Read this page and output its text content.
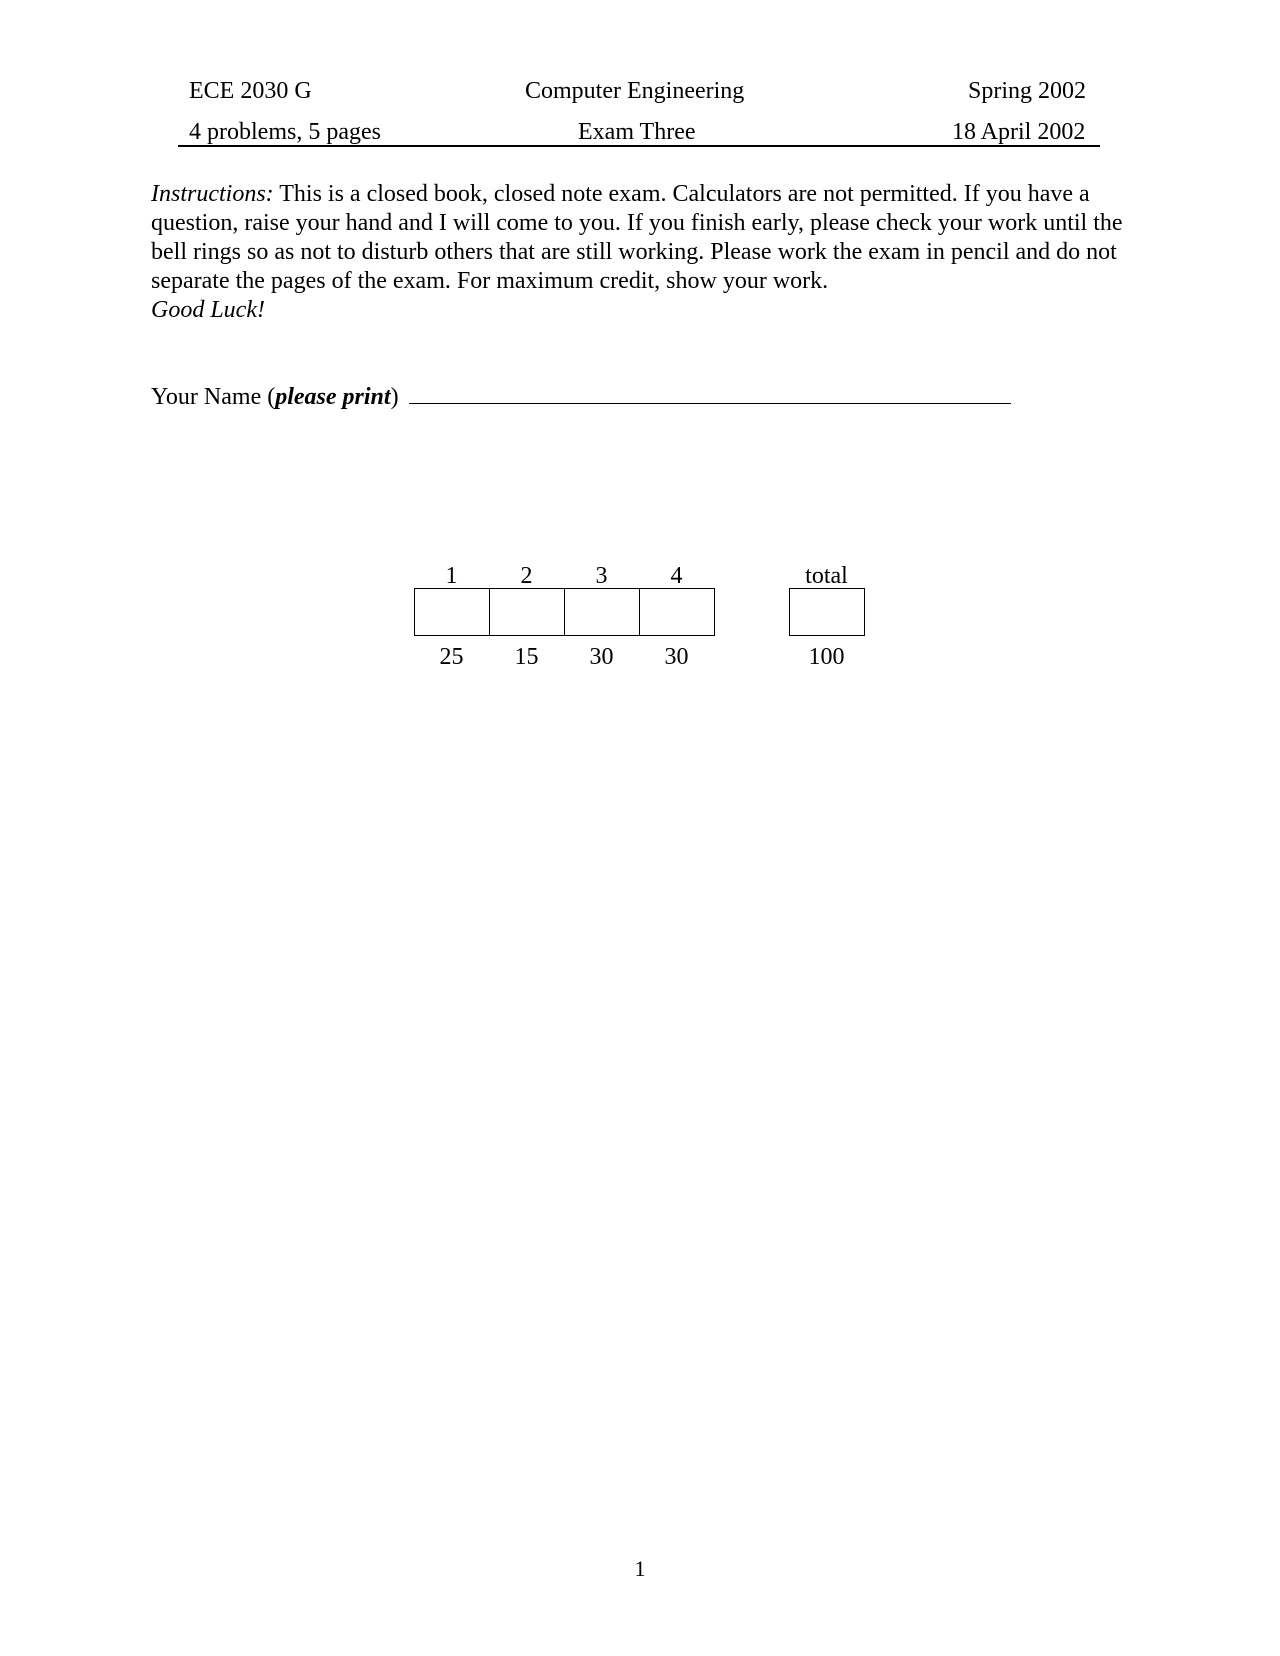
ECE 2030 G	Computer Engineering	Spring 2002
4 problems, 5 pages	Exam Three	18 April 2002

Instructions: This is a closed book, closed note exam. Calculators are not permitted. If you have a question, raise your hand and I will come to you. If you finish early, please check your work until the bell rings so as not to disturb others that are still working. Please work the exam in pencil and do not separate the pages of the exam. For maximum credit, show your work.

Good Luck!

Your Name (please print)
1	2	3	4	total
25	15	30	30	100
1
